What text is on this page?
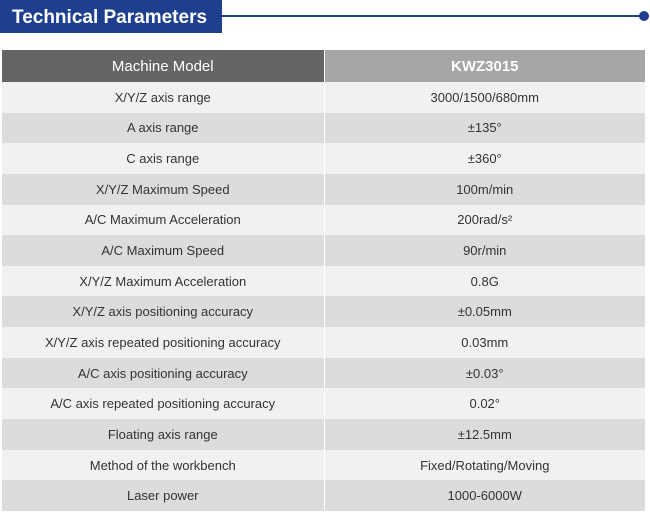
Technical Parameters
Machine Model	KWZ3015
X/Y/Z axis range	3000/1500/680mm
A axis range	±135°
C axis range	±360°
X/Y/Z Maximum Speed	100m/min
A/C Maximum Acceleration	200rad/s²
A/C Maximum Speed	90r/min
X/Y/Z Maximum Acceleration	0.8G
X/Y/Z axis positioning accuracy	±0.05mm
X/Y/Z axis repeated positioning accuracy	0.03mm
A/C axis positioning accuracy	±0.03°
A/C axis repeated positioning accuracy	0.02°
Floating axis range	±12.5mm
Method of the workbench	Fixed/Rotating/Moving
Laser power	1000-6000W
